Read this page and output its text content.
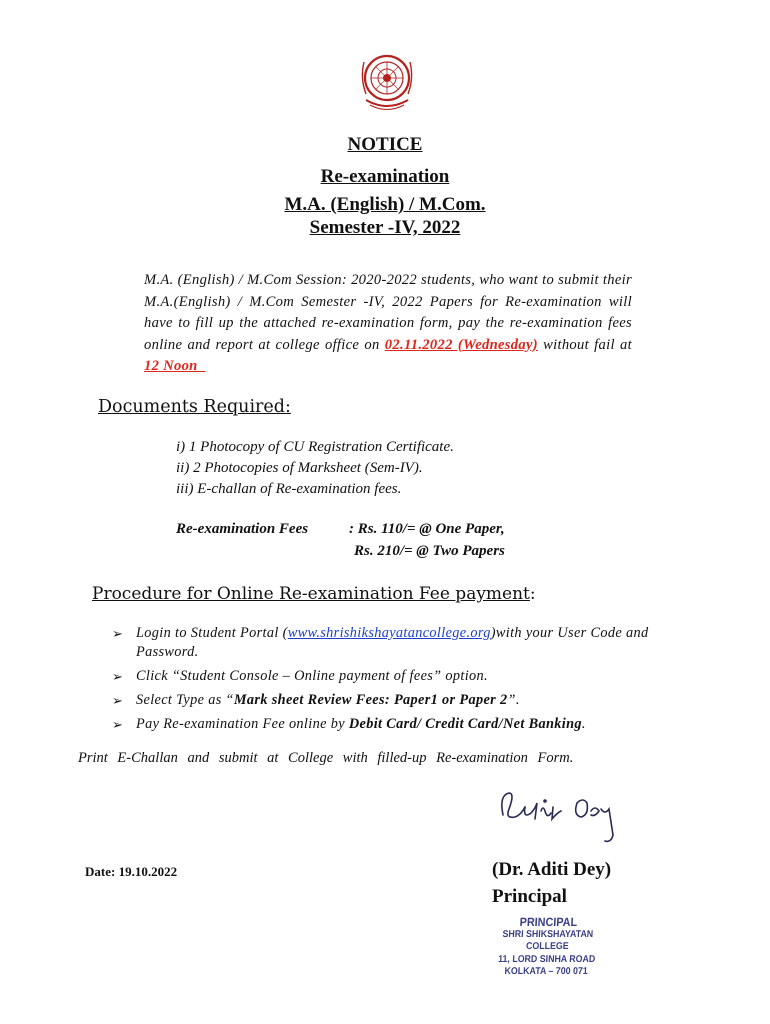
NOTICE
Re-examination
M.A. (English) / M.Com.
Semester -IV, 2022
M.A. (English) / M.Com Session: 2020-2022 students, who want to submit their M.A.(English) / M.Com Semester -IV, 2022 Papers for Re-examination will have to fill up the attached re-examination form, pay the re-examination fees online and report at college office on 02.11.2022 (Wednesday) without fail at 12 Noon
Documents Required:
i) 1 Photocopy of CU Registration Certificate.
ii) 2 Photocopies of Marksheet (Sem-IV).
iii) E-challan of Re-examination fees.
Re-examination Fees	: Rs. 110/= @ One Paper,
Rs. 210/= @ Two Papers
Procedure for Online Re-examination Fee payment:
➢ Login to Student Portal (www.shrishikshayatancollege.org)with your User Code and Password.
➢ Click “Student Console – Online payment of fees” option.
➢ Select Type as “Mark sheet Review Fees: Paper1 or Paper 2”.
➢ Pay Re-examination Fee online by Debit Card/ Credit Card/Net Banking.
Print E-Challan and submit at College with filled-up Re-examination Form.
Date: 19.10.2022	(Dr. Aditi Dey)
Principal
PRINCIPAL
SHRI SHIKSHAYATAN COLLEGE
11, LORD SINHA ROAD
KOLKATA – 700 071
